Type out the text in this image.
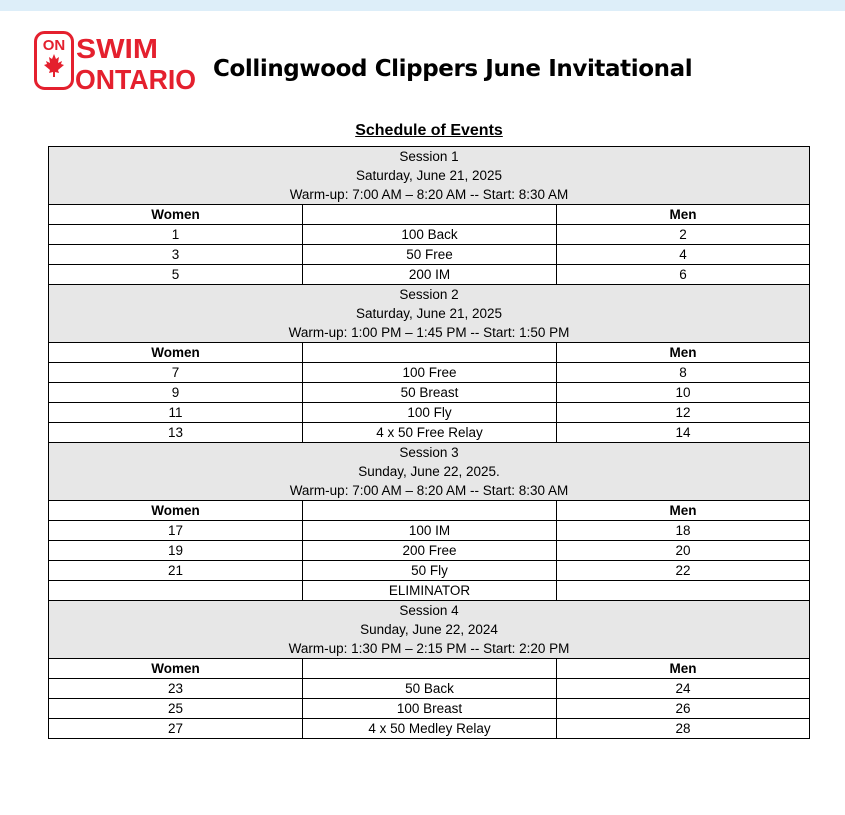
ON SWIM
ONTARIO Collingwood Clippers June Invitational
Schedule of Events
Session 1
Saturday, June 21, 2025
Warm-up: 7:00 AM – 8:20 AM -- Start: 8:30 AM		

Women		Men
1	100 Back	2
3	50 Free	4
5	200 IM	6

Session 2
Saturday, June 21, 2025
Warm-up: 1:00 PM – 1:45 PM -- Start: 1:50 PM		

Women		Men
7	100 Free	8
9	50 Breast	10
11	100 Fly	12
13	4 x 50 Free Relay	14

Session 3
Sunday, June 22, 2025.
Warm-up: 7:00 AM – 8:20 AM -- Start: 8:30 AM		

Women		Men
17	100 IM	18
19	200 Free	20
21	50 Fly	22
	ELIMINATOR	

Session 4
Sunday, June 22, 2024
Warm-up: 1:30 PM – 2:15 PM -- Start: 2:20 PM		

Women		Men
23	50 Back	24
25	100 Breast	26
27	4 x 50 Medley Relay	28
